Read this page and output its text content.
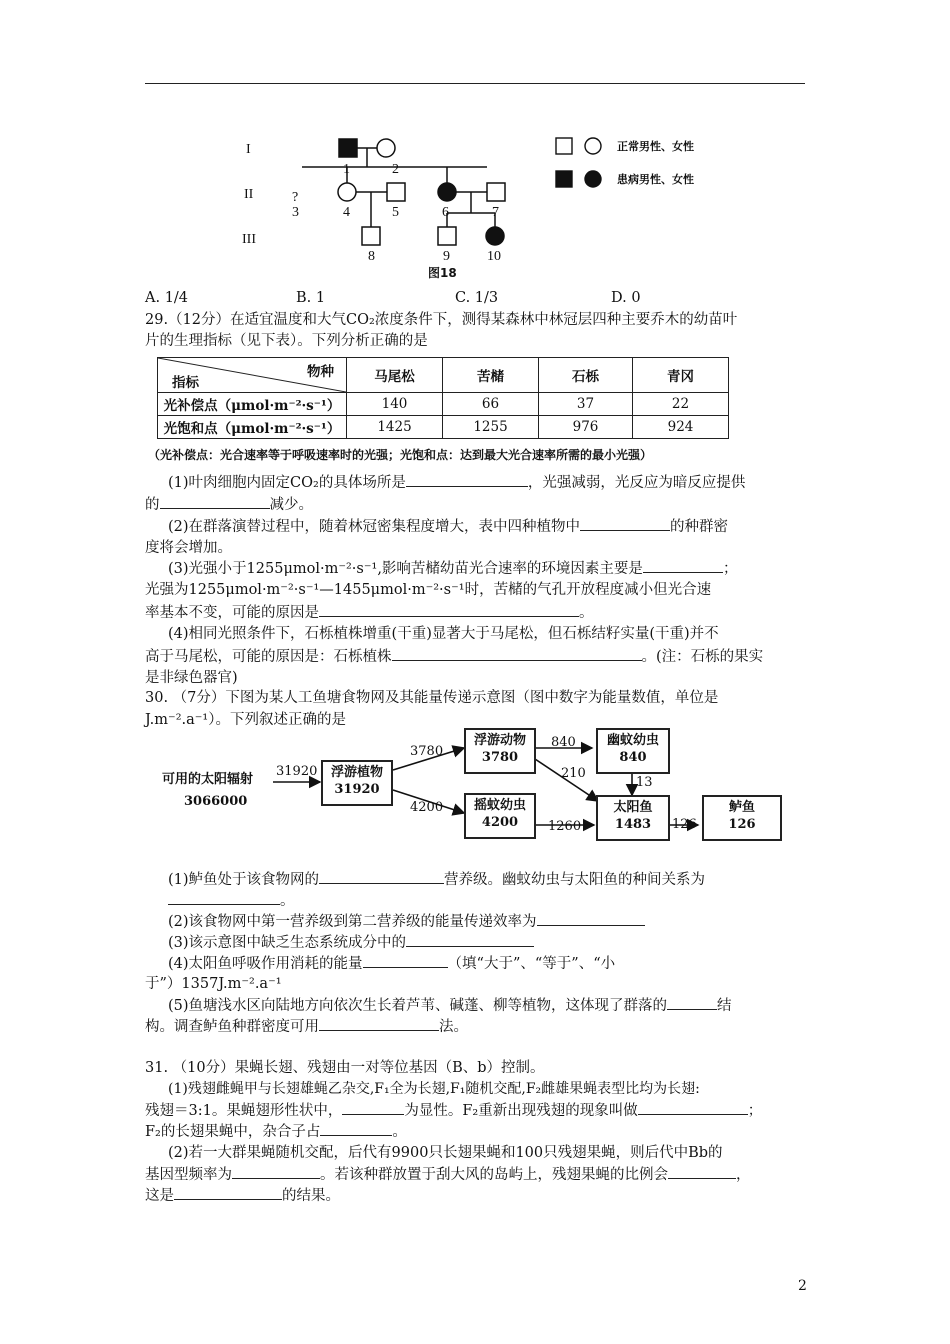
I
II
III
1	2
?
3	4	5	6	7
8	9	10
图18
正常男性、女性
患病男性、女性
A. 1/4	B. 1	C. 1/3	D. 0
29.（12分）在适宜温度和大气CO₂浓度条件下，测得某森林中林冠层四种主要乔木的幼苗叶
片的生理指标（见下表）。下列分析正确的是
物种
指标	马尾松	苦槠	石栎	青冈
光补偿点（μmol·m⁻²·s⁻¹）	140	66	37	22
光饱和点（μmol·m⁻²·s⁻¹）	1425	1255	976	924
（光补偿点：光合速率等于呼吸速率时的光强；光饱和点：达到最大光合速率所需的最小光强）
(1)叶肉细胞内固定CO₂的具体场所是	，光强减弱，光反应为暗反应提供
的	减少。
(2)在群落演替过程中，随着林冠密集程度增大，表中四种植物中	的种群密
度将会增加。
(3)光强小于1255μmol·m⁻²·s⁻¹,影响苦槠幼苗光合速率的环境因素主要是	；
光强为1255μmol·m⁻²·s⁻¹—1455μmol·m⁻²·s⁻¹时，苦槠的气孔开放程度减小但光合速
率基本不变，可能的原因是	。
(4)相同光照条件下，石栎植株增重(干重)显著大于马尾松，但石栎结籽实量(干重)并不
高于马尾松，可能的原因是：石栎植株	。(注：石栎的果实
是非绿色器官)
30. （7分）下图为某人工鱼塘食物网及其能量传递示意图（图中数字为能量数值，单位是
J.m⁻².a⁻¹）。下列叙述正确的是
可用的太阳辐射
3066000
31920	浮游植物
31920
3780
4200
浮游动物
3780
摇蚊幼虫
4200
840
210
1260
幽蚊幼虫
840
13
太阳鱼
1483	126
鲈鱼
126
(1)鲈鱼处于该食物网的	营养级。幽蚊幼虫与太阳鱼的种间关系为
。
(2)该食物网中第一营养级到第二营养级的能量传递效率为
(3)该示意图中缺乏生态系统成分中的
(4)太阳鱼呼吸作用消耗的能量	（填“大于”、“等于”、“小
于”）1357J.m⁻².a⁻¹
(5)鱼塘浅水区向陆地方向依次生长着芦苇、碱蓬、柳等植物，这体现了群落的	结
构。调查鲈鱼种群密度可用	法。
31. （10分）果蝇长翅、残翅由一对等位基因（B、b）控制。
(1)残翅雌蝇甲与长翅雄蝇乙杂交,F₁全为长翅,F₁随机交配,F₂雌雄果蝇表型比均为长翅:
残翅＝3:1。果蝇翅形性状中，	为显性。F₂重新出现残翅的现象叫做	；
F₂的长翅果蝇中，杂合子占	。
(2)若一大群果蝇随机交配，后代有9900只长翅果蝇和100只残翅果蝇，则后代中Bb的
基因型频率为	。若该种群放置于刮大风的岛屿上，残翅果蝇的比例会	，
这是	的结果。
2
